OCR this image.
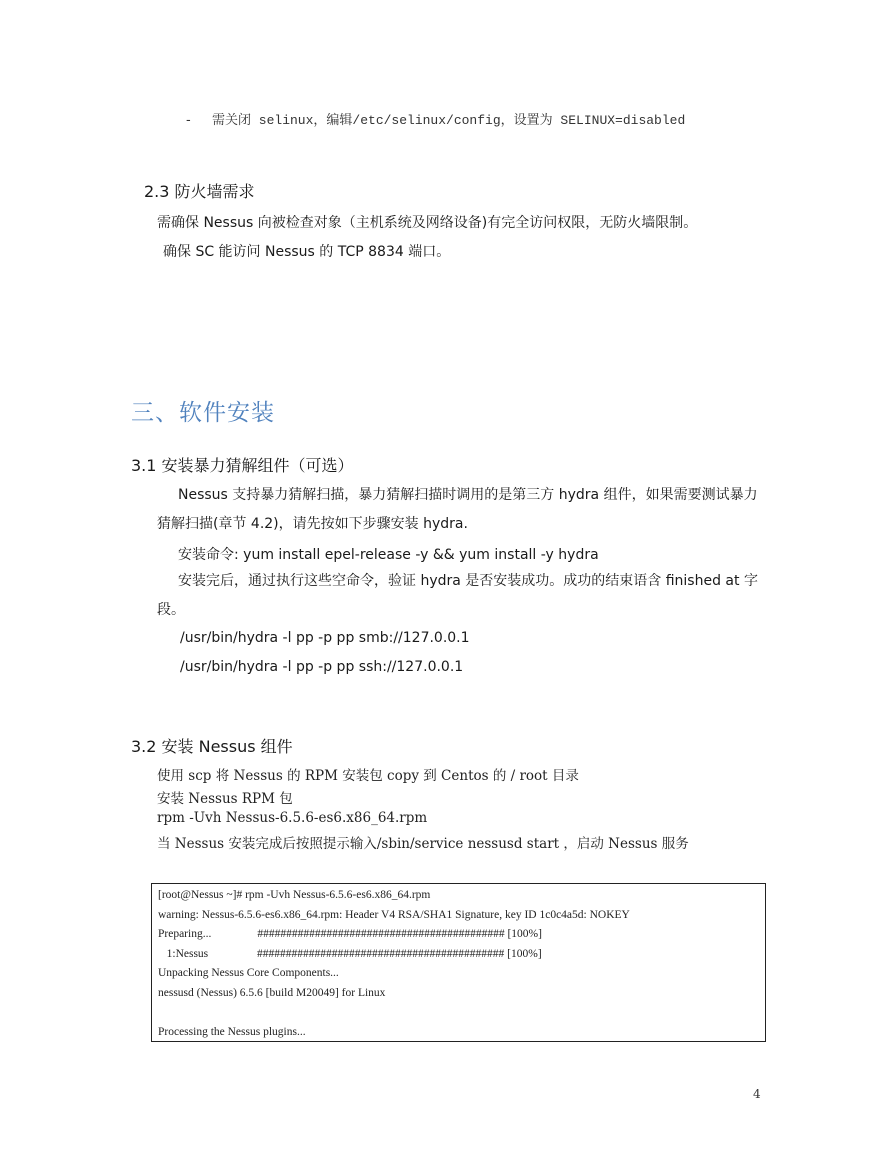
- 需关闭 selinux，编辑/etc/selinux/config，设置为 SELINUX=disabled
2.3 防火墙需求
需确保 Nessus 向被检查对象（主机系统及网络设备)有完全访问权限，无防火墙限制。
确保 SC 能访问 Nessus 的 TCP 8834 端口。
三、软件安装
3.1 安装暴力猜解组件（可选）
Nessus 支持暴力猜解扫描，暴力猜解扫描时调用的是第三方 hydra 组件，如果需要测试暴力猜解扫描(章节 4.2)，请先按如下步骤安装 hydra.
安装命令: yum install epel-release -y && yum install -y hydra
安装完后，通过执行这些空命令，验证 hydra 是否安装成功。成功的结束语含 finished at 字段。
/usr/bin/hydra -l pp -p pp smb://127.0.0.1
/usr/bin/hydra -l pp -p pp ssh://127.0.0.1
3.2 安装 Nessus 组件
使用 scp 将 Nessus 的 RPM 安装包 copy 到 Centos 的 / root 目录
安装 Nessus RPM 包
rpm -Uvh Nessus-6.5.6-es6.x86_64.rpm
当 Nessus 安装完成后按照提示输入/sbin/service nessusd start ，启动 Nessus 服务
[root@Nessus ~]# rpm -Uvh Nessus-6.5.6-es6.x86_64.rpm
warning: Nessus-6.5.6-es6.x86_64.rpm: Header V4 RSA/SHA1 Signature, key ID 1c0c4a5d: NOKEY
Preparing...                ########################################### [100%]
1:Nessus                 ########################################### [100%]
Unpacking Nessus Core Components...
nessusd (Nessus) 6.5.6 [build M20049] for Linux
Processing the Nessus plugins...
4
